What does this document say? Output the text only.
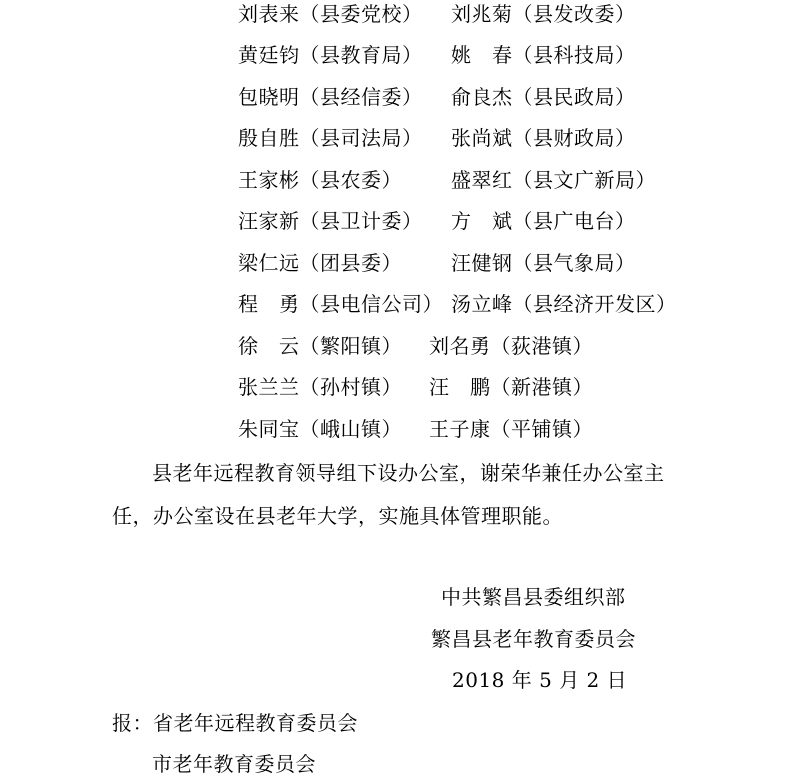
刘表来（县委党校） 刘兆菊（县发改委）
黄廷钧（县教育局） 姚　春（县科技局）
包晓明（县经信委） 俞良杰（县民政局）
殷自胜（县司法局） 张尚斌（县财政局）
王家彬（县农委） 盛翠红（县文广新局）
汪家新（县卫计委） 方　斌（县广电台）
梁仁远（团县委） 汪健钢（县气象局）
程　勇（县电信公司） 汤立峰（县经济开发区）
徐　云（繁阳镇） 刘名勇（荻港镇）
张兰兰（孙村镇） 汪　鹏（新港镇）
朱同宝（峨山镇） 王子康（平铺镇）
县老年远程教育领导组下设办公室，谢荣华兼任办公室主
任，办公室设在县老年大学，实施具体管理职能。
中共繁昌县委组织部
繁昌县老年教育委员会
2018 年 5 月 2 日
报：省老年远程教育委员会
市老年教育委员会
